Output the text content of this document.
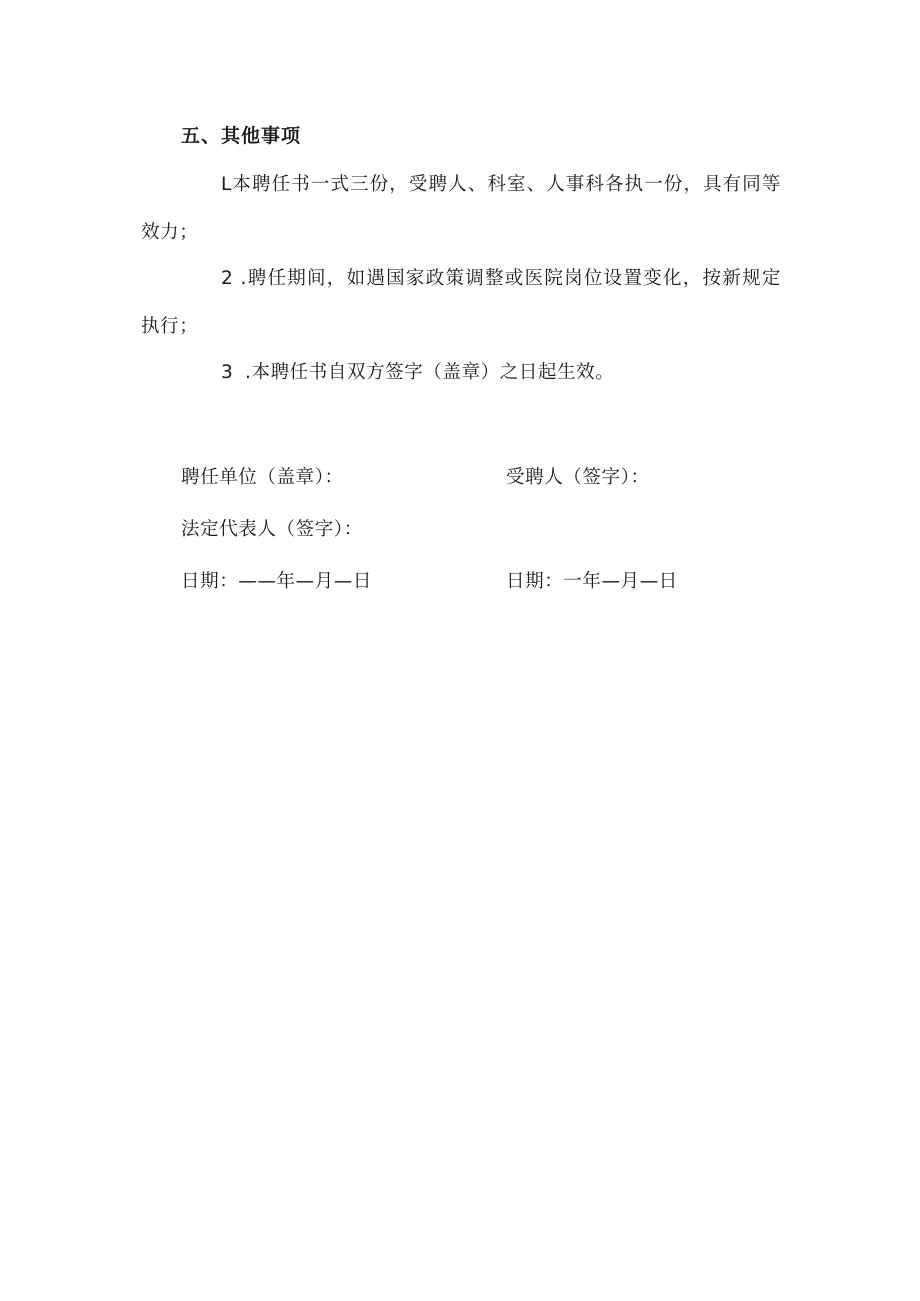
五、其他事项
L本聘任书一式三份，受聘人、科室、人事科各执一份，具有同等效力；
2 .聘任期间，如遇国家政策调整或医院岗位设置变化，按新规定执行；
3 .本聘任书自双方签字（盖章）之日起生效。
聘任单位（盖章）：	受聘人（签字）：
法定代表人（签字）：
日期：——年—月—日	日期：一年—月—日
